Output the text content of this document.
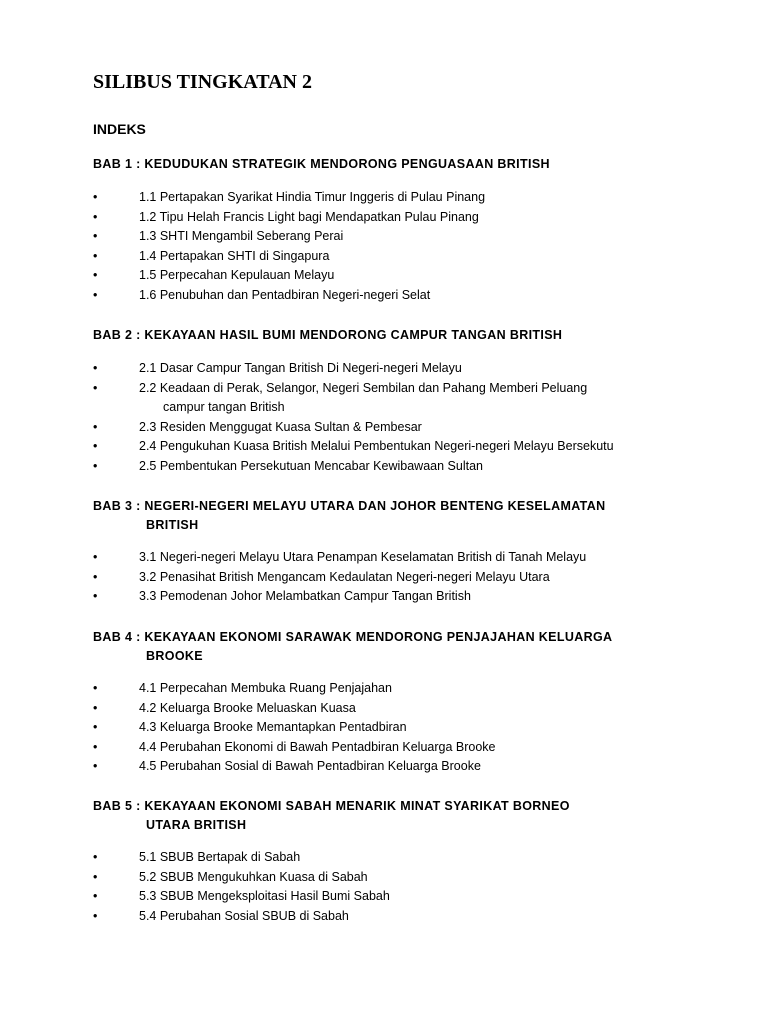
SILIBUS TINGKATAN 2
INDEKS
BAB 1 : KEDUDUKAN STRATEGIK MENDORONG PENGUASAAN BRITISH
•	1.1 Pertapakan Syarikat Hindia Timur Inggeris di Pulau Pinang
•	1.2 Tipu Helah Francis Light bagi Mendapatkan Pulau Pinang
•	1.3 SHTI Mengambil Seberang Perai
•	1.4 Pertapakan SHTI di Singapura
•	1.5 Perpecahan Kepulauan Melayu
•	1.6 Penubuhan dan Pentadbiran Negeri-negeri Selat
BAB 2 : KEKAYAAN HASIL BUMI MENDORONG CAMPUR TANGAN BRITISH
•	2.1 Dasar Campur Tangan British Di Negeri-negeri Melayu
•	2.2 Keadaan di Perak, Selangor, Negeri Sembilan dan Pahang Memberi Peluang
campur tangan British
•	2.3 Residen Menggugat Kuasa Sultan & Pembesar
•	2.4 Pengukuhan Kuasa British Melalui Pembentukan Negeri-negeri Melayu Bersekutu
•	2.5 Pembentukan Persekutuan Mencabar Kewibawaan Sultan
BAB 3 : NEGERI-NEGERI MELAYU UTARA DAN JOHOR BENTENG KESELAMATAN
BRITISH
•	3.1 Negeri-negeri Melayu Utara Penampan Keselamatan British di Tanah Melayu
•	3.2 Penasihat British Mengancam Kedaulatan Negeri-negeri Melayu Utara
•	3.3 Pemodenan Johor Melambatkan Campur Tangan British
BAB 4 : KEKAYAAN EKONOMI SARAWAK MENDORONG PENJAJAHAN KELUARGA
BROOKE
•	4.1 Perpecahan Membuka Ruang Penjajahan
•	4.2 Keluarga Brooke Meluaskan Kuasa
•	4.3 Keluarga Brooke Memantapkan Pentadbiran
•	4.4 Perubahan Ekonomi di Bawah Pentadbiran Keluarga Brooke
•	4.5 Perubahan Sosial di Bawah Pentadbiran Keluarga Brooke
BAB 5 : KEKAYAAN EKONOMI SABAH MENARIK MINAT SYARIKAT BORNEO
UTARA BRITISH
•	5.1 SBUB Bertapak di Sabah
•	5.2 SBUB Mengukuhkan Kuasa di Sabah
•	5.3 SBUB Mengeksploitasi Hasil Bumi Sabah
•	5.4 Perubahan Sosial SBUB di Sabah
